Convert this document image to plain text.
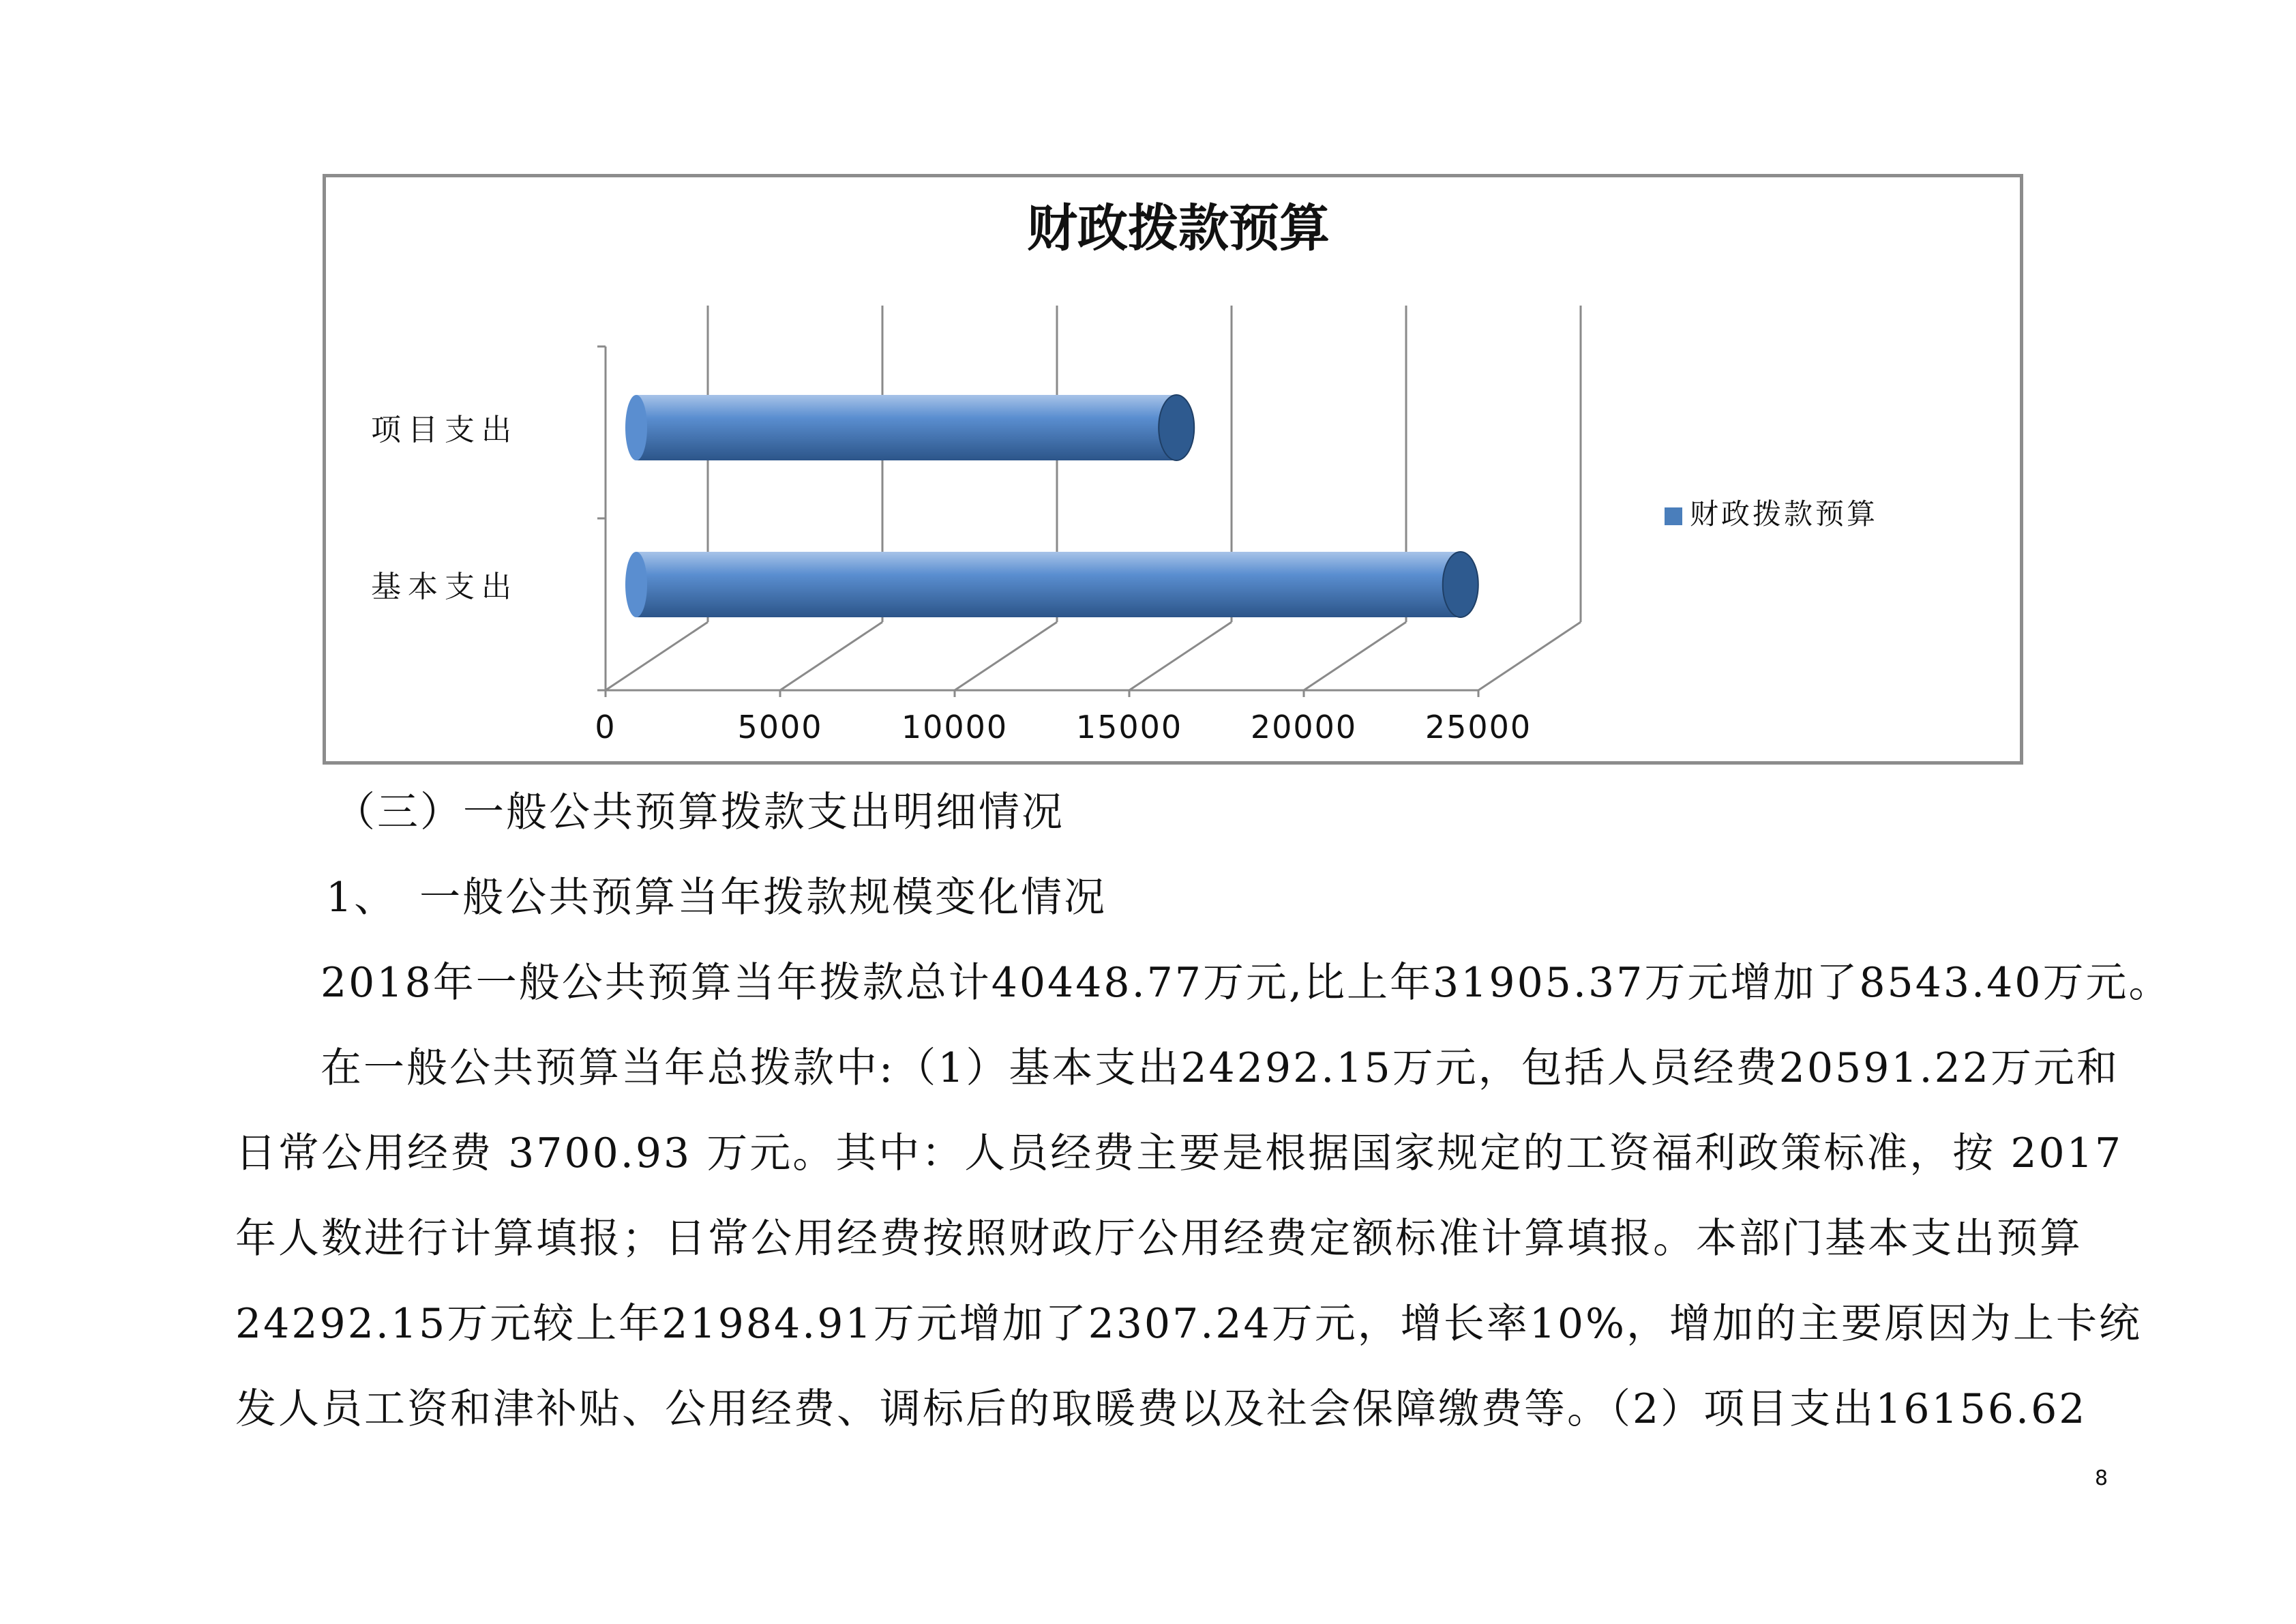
财政拨款预算
0	5000	10000 15000 20000 25000
项目支出
基本支出
财政拨款预算
（三）一般公共预算拨款支出明细情况
1、　一般公共预算当年拨款规模变化情况
2018年一般公共预算当年拨款总计40448.77万元,比上年31905.37万元增加了8543.40万元。
在一般公共预算当年总拨款中:（1）基本支出24292.15万元，包括人员经费20591.22万元和
日常公用经费 3700.93 万元。其中：人员经费主要是根据国家规定的工资福利政策标准，按 2017
年人数进行计算填报；日常公用经费按照财政厅公用经费定额标准计算填报。本部门基本支出预算
24292.15万元较上年21984.91万元增加了2307.24万元，增长率10%，增加的主要原因为上卡统
发人员工资和津补贴、公用经费、调标后的取暖费以及社会保障缴费等。（2）项目支出16156.62
8
